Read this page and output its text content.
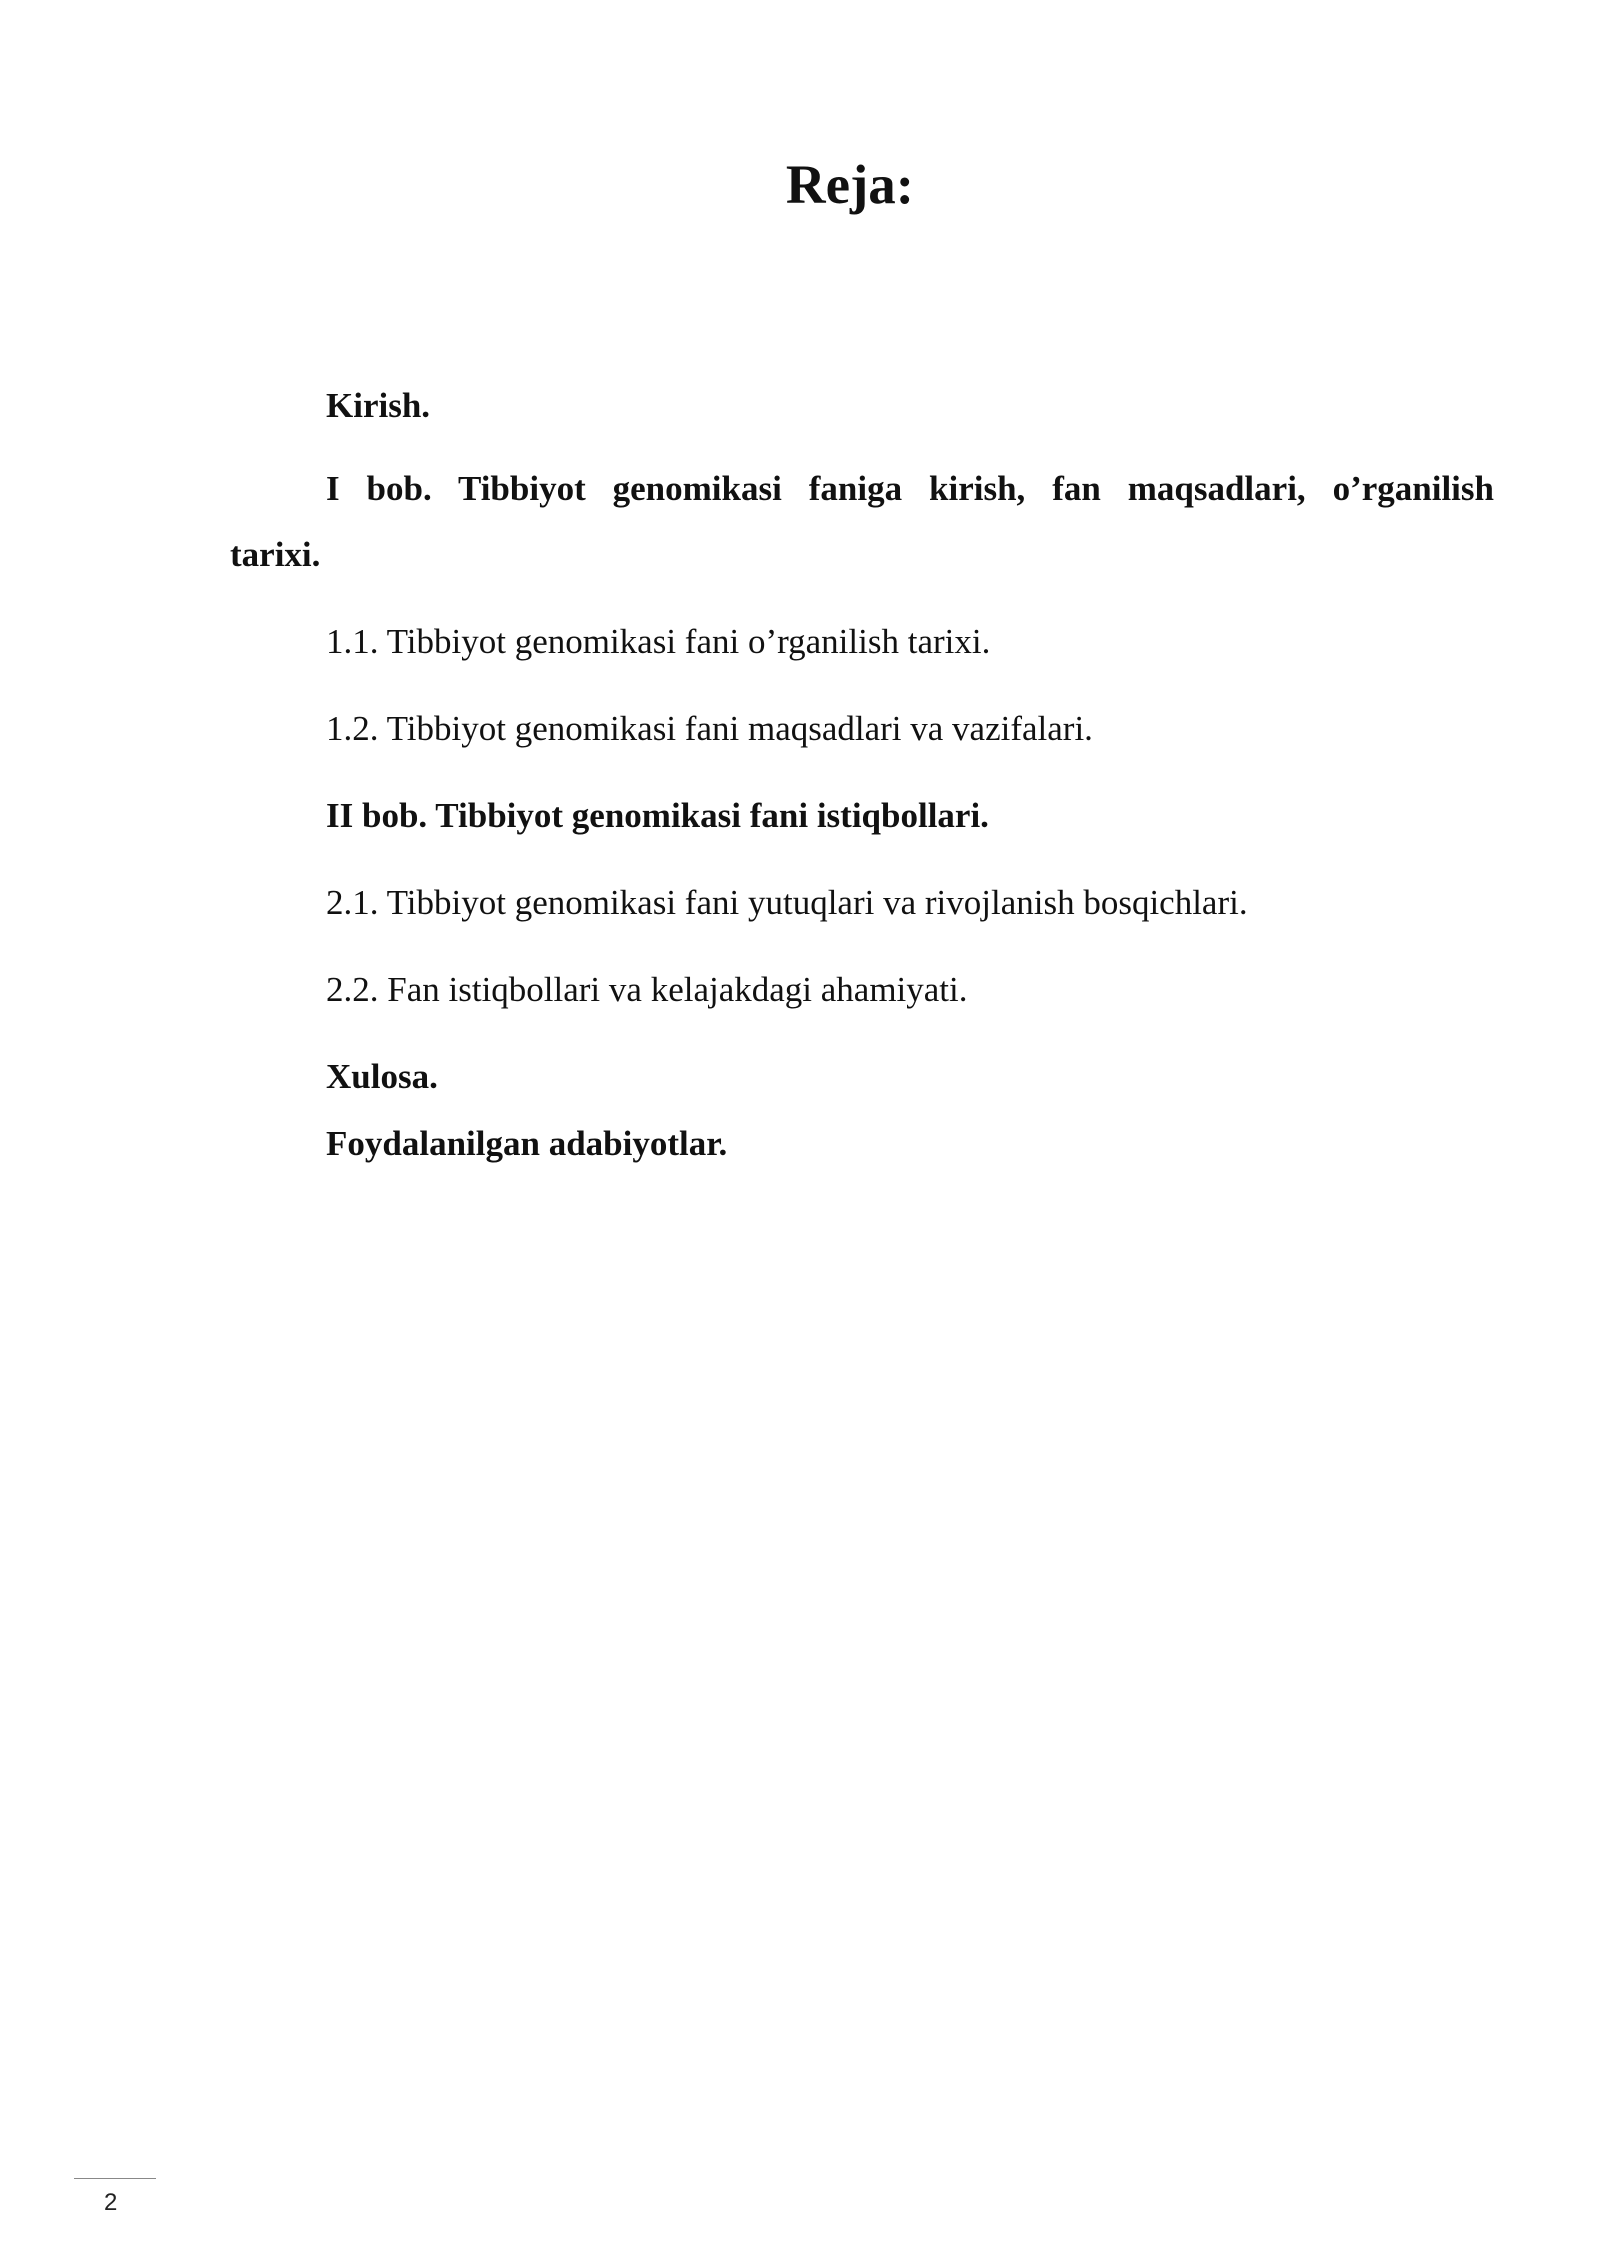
Reja:

Kirish.

I bob. Tibbiyot genomikasi faniga kirish, fan maqsadlari, o’rganilish

tarixi.

1.1. Tibbiyot genomikasi fani o’rganilish tarixi.

1.2. Tibbiyot genomikasi fani maqsadlari va vazifalari.

II bob. Tibbiyot genomikasi fani istiqbollari.

2.1. Tibbiyot genomikasi fani yutuqlari va rivojlanish bosqichlari.

2.2. Fan istiqbollari va kelajakdagi ahamiyati.

Xulosa.

Foydalanilgan adabiyotlar.

2
